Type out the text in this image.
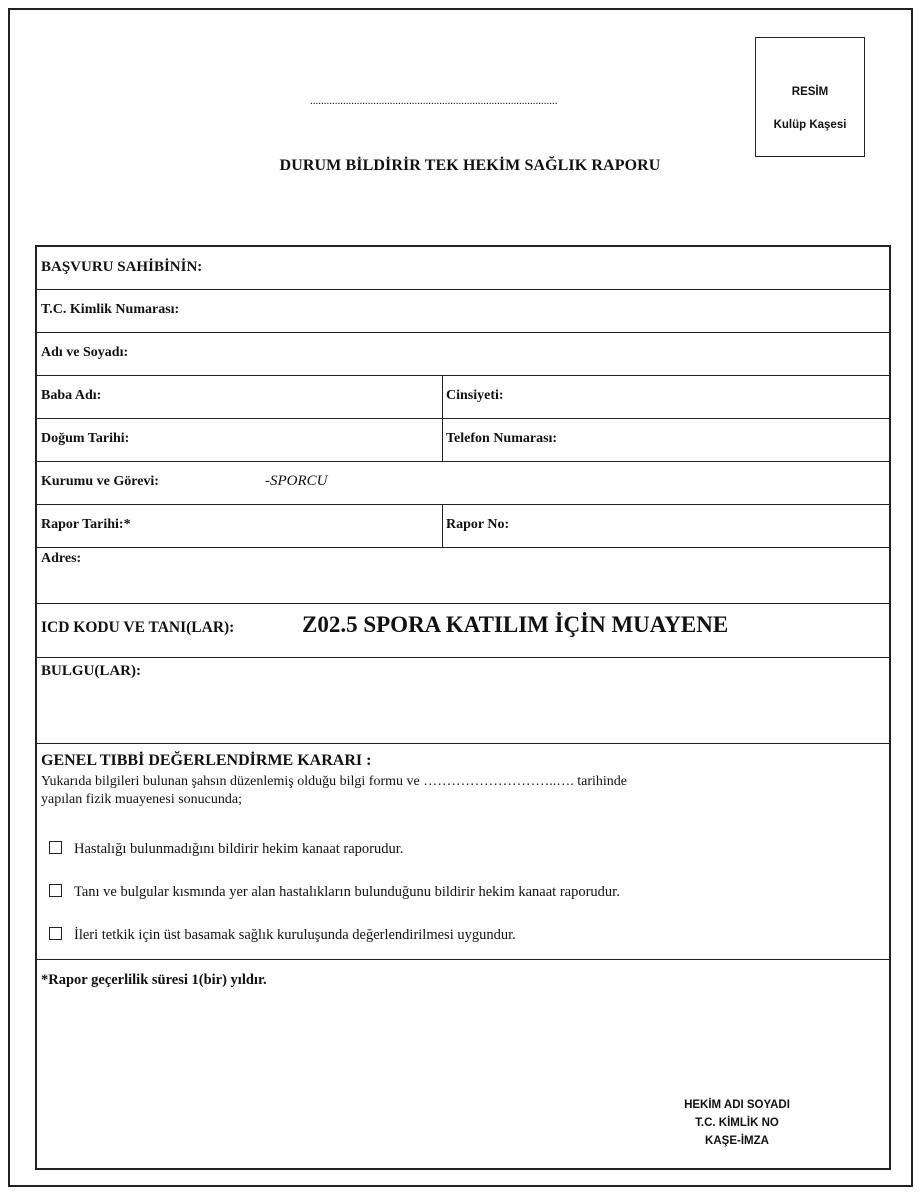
..........................................................................................
RESİM
Kulüp Kaşesi
DURUM BİLDİRİR TEK HEKİM SAĞLIK RAPORU
BAŞVURU SAHİBİNİN:
T.C. Kimlik Numarası:
Adı ve Soyadı:
Baba Adı:	Cinsiyeti:
Doğum Tarihi:	Telefon Numarası:
Kurumu ve Görevi:	-SPORCU
Rapor Tarihi:*	Rapor No:
Adres:
ICD KODU VE TANI(LAR):	Z02.5 SPORA KATILIM İÇİN MUAYENE
BULGU(LAR):
GENEL TIBBİ DEĞERLENDİRME KARARI :
Yukarıda bilgileri bulunan şahsın düzenlemiş olduğu bilgi formu ve ………………………..…. tarihinde
yapılan fizik muayenesi sonucunda;
Hastalığı bulunmadığını bildirir hekim kanaat raporudur.
Tanı ve bulgular kısmında yer alan hastalıkların bulunduğunu bildirir hekim kanaat raporudur.
İleri tetkik için üst basamak sağlık kuruluşunda değerlendirilmesi uygundur.
*Rapor geçerlilik süresi 1(bir) yıldır.
HEKİM ADI SOYADI
T.C. KİMLİK NO
KAŞE-İMZA
